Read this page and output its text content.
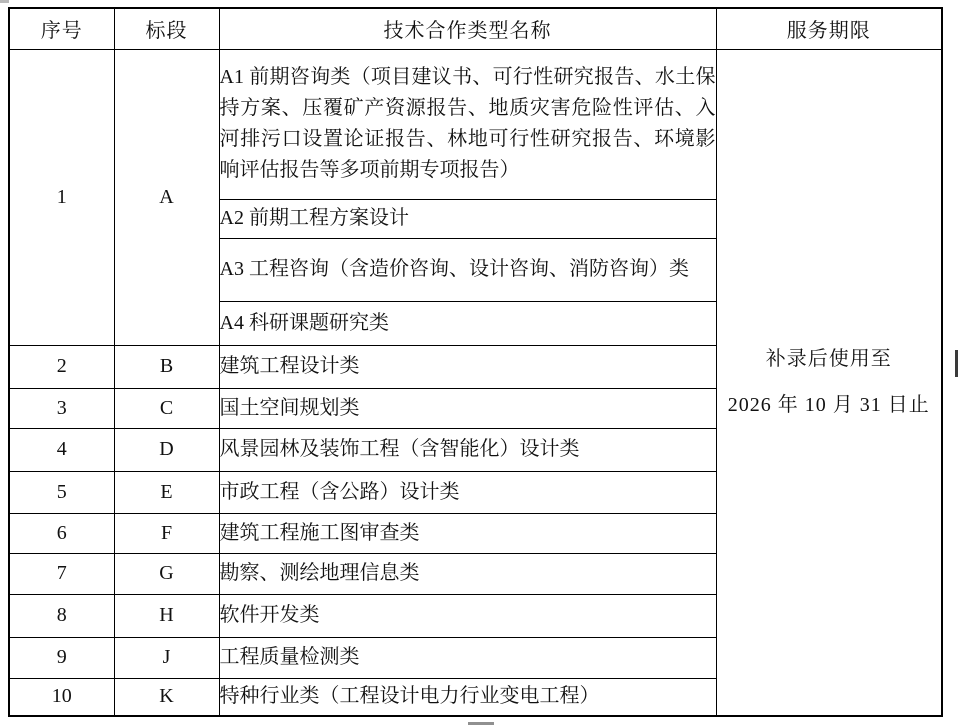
序号	标段	技术合作类型名称	服务期限
1	A	A1 前期咨询类（项目建议书、可行性研究报告、水土保持方案、压覆矿产资源报告、地质灾害危险性评估、入河排污口设置论证报告、林地可行性研究报告、环境影响评估报告等多项前期专项报告）	补录后使用至
2026 年 10 月 31 日止

		A2 前期工程方案设计	
		A3 工程咨询（含造价咨询、设计咨询、消防咨询）类	
		A4 科研课题研究类	
2	B	建筑工程设计类	
3	C	国土空间规划类	
4	D	风景园林及装饰工程（含智能化）设计类	
5	E	市政工程（含公路）设计类	
6	F	建筑工程施工图审查类	
7	G	勘察、测绘地理信息类	
8	H	软件开发类	
9	J	工程质量检测类	
10	K	特种行业类（工程设计电力行业变电工程）	
